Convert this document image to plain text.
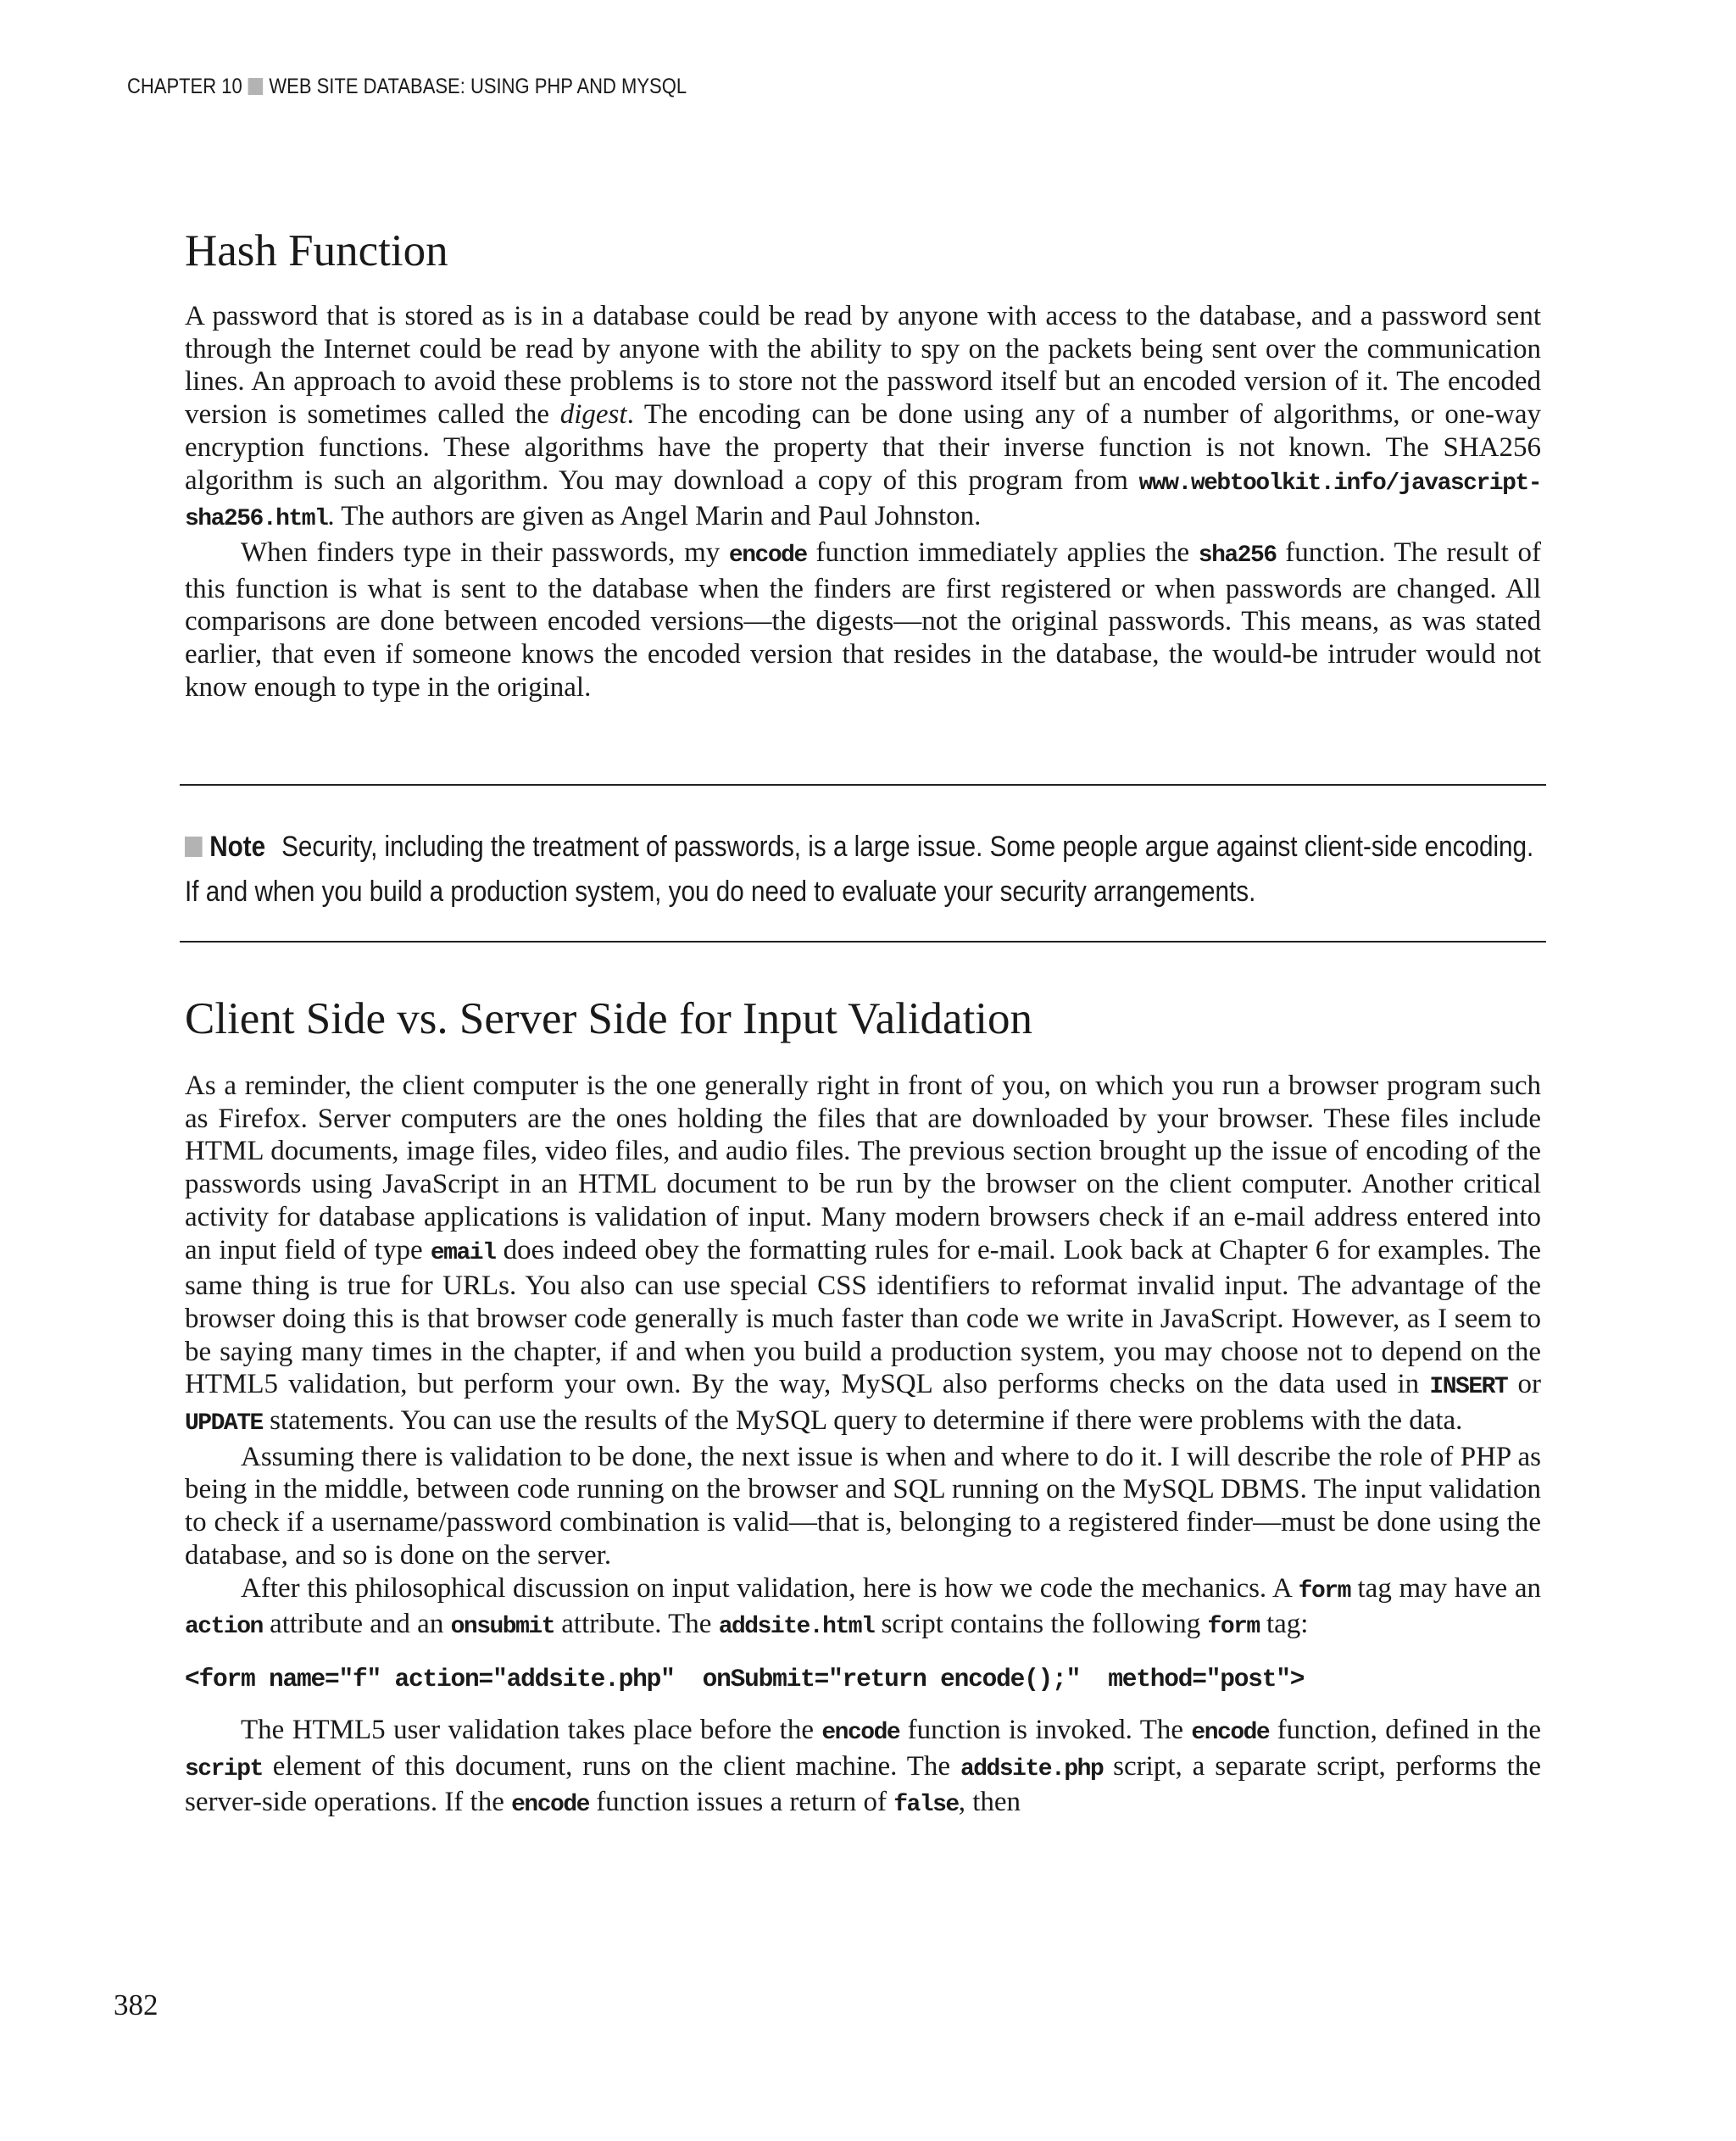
CHAPTER 10 WEB SITE DATABASE: USING PHP AND MYSQL
Hash Function

A password that is stored as is in a database could be read by anyone with access to the database, and a password sent through the Internet could be read by anyone with the ability to spy on the packets being sent over the communication lines. An approach to avoid these problems is to store not the password itself but an encoded version of it. The encoded version is sometimes called the digest. The encoding can be done using any of a number of algorithms, or one-way encryption functions. These algorithms have the property that their inverse function is not known. The SHA256 algorithm is such an algorithm. You may download a copy of this program from www.webtoolkit.info/javascript-sha256.html. The authors are given as Angel Marin and Paul Johnston.

When finders type in their passwords, my encode function immediately applies the sha256 function. The result of this function is what is sent to the database when the finders are first registered or when passwords are changed. All comparisons are done between encoded versions—the digests—not the original passwords. This means, as was stated earlier, that even if someone knows the encoded version that resides in the database, the would-be intruder would not know enough to type in the original.

Note Security, including the treatment of passwords, is a large issue. Some people argue against client-side encoding. If and when you build a production system, you do need to evaluate your security arrangements.
Client Side vs. Server Side for Input Validation

As a reminder, the client computer is the one generally right in front of you, on which you run a browser program such as Firefox. Server computers are the ones holding the files that are downloaded by your browser. These files include HTML documents, image files, video files, and audio files. The previous section brought up the issue of encoding of the passwords using JavaScript in an HTML document to be run by the browser on the client computer. Another critical activity for database applications is validation of input. Many modern browsers check if an e-mail address entered into an input field of type email does indeed obey the formatting rules for e-mail. Look back at Chapter 6 for examples. The same thing is true for URLs. You also can use special CSS identifiers to reformat invalid input. The advantage of the browser doing this is that browser code generally is much faster than code we write in JavaScript. However, as I seem to be saying many times in the chapter, if and when you build a production system, you may choose not to depend on the HTML5 validation, but perform your own. By the way, MySQL also performs checks on the data used in INSERT or UPDATE statements. You can use the results of the MySQL query to determine if there were problems with the data.

Assuming there is validation to be done, the next issue is when and where to do it. I will describe the role of PHP as being in the middle, between code running on the browser and SQL running on the MySQL DBMS. The input validation to check if a username/password combination is valid—that is, belonging to a registered finder—must be done using the database, and so is done on the server.

After this philosophical discussion on input validation, here is how we code the mechanics. A form tag may have an action attribute and an onsubmit attribute. The addsite.html script contains the following form tag:

<form name="f" action="addsite.php"  onSubmit="return encode();"  method="post">

The HTML5 user validation takes place before the encode function is invoked. The encode function, defined in the script element of this document, runs on the client machine. The addsite.php script, a separate script, performs the server-side operations. If the encode function issues a return of false, then

382
